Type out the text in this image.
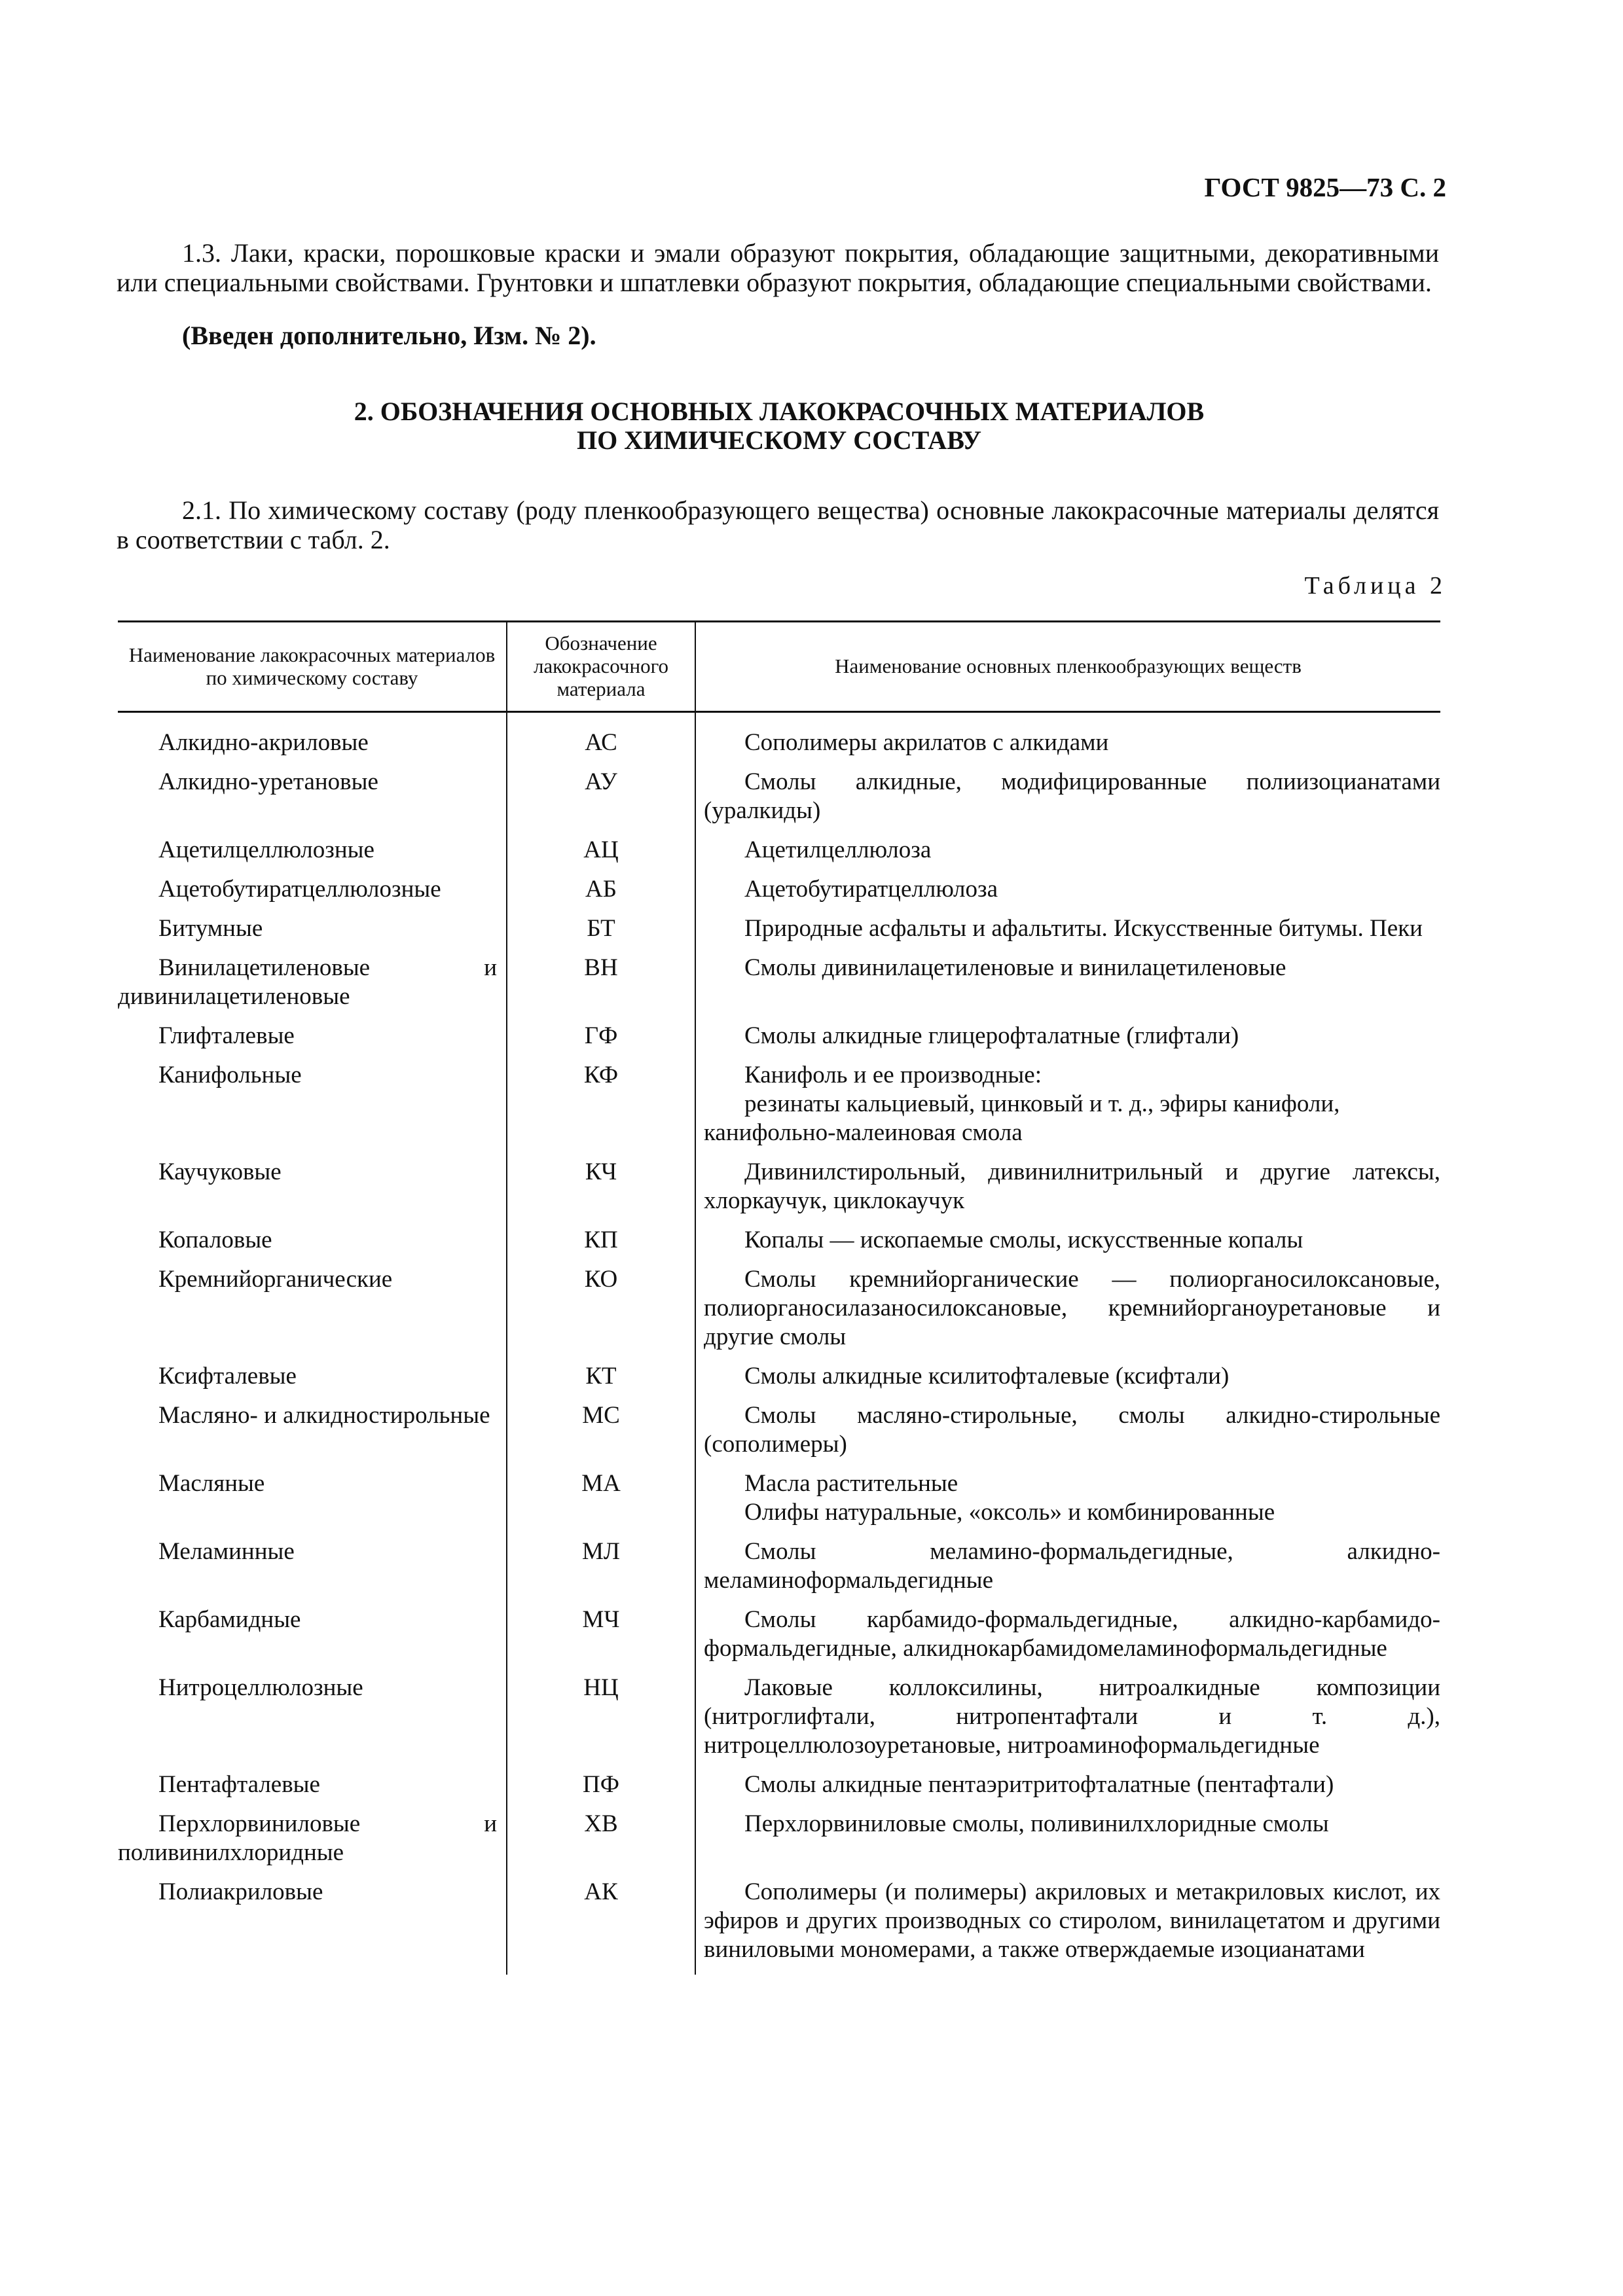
ГОСТ 9825—73 С. 2

1.3. Лаки, краски, порошковые краски и эмали образуют покрытия, обладающие защитными, декоративными или специальными свойствами. Грунтовки и шпатлевки образуют покрытия, обладающие специальными свойствами.

(Введен дополнительно, Изм. № 2).

2. ОБОЗНАЧЕНИЯ ОСНОВНЫХ ЛАКОКРАСОЧНЫХ МАТЕРИАЛОВ
ПО ХИМИЧЕСКОМУ СОСТАВУ

2.1. По химическому составу (роду пленкообразующего вещества) основные лакокрасочные материалы делятся в соответствии с табл. 2.

Таблица 2
Наименование лакокрасочных материалов по химическому составу	Обозначение лакокрасочного материала	Наименование основных пленкообразующих веществ

Алкидно-акриловые	АС	Сополимеры акрилатов с алкидами

Алкидно-уретановые	АУ	Смолы алкидные, модифицированные полиизоцианатами (уралкиды)

Ацетилцеллюлозные	АЦ	Ацетилцеллюлоза

Ацетобутиратцеллюлозные	АБ	Ацетобутиратцеллюлоза

Битумные	БТ	Природные асфальты и афальтиты. Искусственные битумы. Пеки

Винилацетиленовые и дивинилацетиленовые	ВН	Смолы дивинилацетиленовые и винилацетиленовые

Глифталевые	ГФ	Смолы алкидные глицерофталатные (глифтали)

Канифольные	КФ	Канифоль и ее производные:
резинаты кальциевый, цинковый и т. д., эфиры канифоли, канифольно-малеиновая смола

Каучуковые	КЧ	Дивинилстирольный, дивинилнитрильный и другие латексы, хлоркаучук, циклокаучук

Копаловые	КП	Копалы — ископаемые смолы, искусственные копалы

Кремнийорганические	КО	Смолы кремнийорганические — полиорганосилоксановые, полиорганосилазаносилоксановые, кремнийорганоуретановые и другие смолы

Ксифталевые	КТ	Смолы алкидные ксилитофталевые (ксифтали)

Масляно- и алкидностирольные	МС	Смолы масляно-стирольные, смолы алкидно-стирольные (сополимеры)

Масляные	МА	Масла растительные
Олифы натуральные, «оксоль» и комбинированные

Меламинные	МЛ	Смолы меламино-формальдегидные, алкидно-меламиноформальдегидные

Карбамидные	МЧ	Смолы карбамидо-формальдегидные, алкидно-карбамидо-формальдегидные, алкиднокарбамидомеламиноформальдегидные

Нитроцеллюлозные	НЦ	Лаковые коллоксилины, нитроалкидные композиции (нитроглифтали, нитропентафтали и т. д.), нитроцеллюлозоуретановые, нитроаминоформальдегидные

Пентафталевые	ПФ	Смолы алкидные пентаэритритофталатные (пентафтали)

Перхлорвиниловые и поливинилхлоридные	ХВ	Перхлорвиниловые смолы, поливинилхлоридные смолы

Полиакриловые	АК	Сополимеры (и полимеры) акриловых и метакриловых кислот, их эфиров и других производных со стиролом, винилацетатом и другими виниловыми мономерами, а также отверждаемые изоцианатами
